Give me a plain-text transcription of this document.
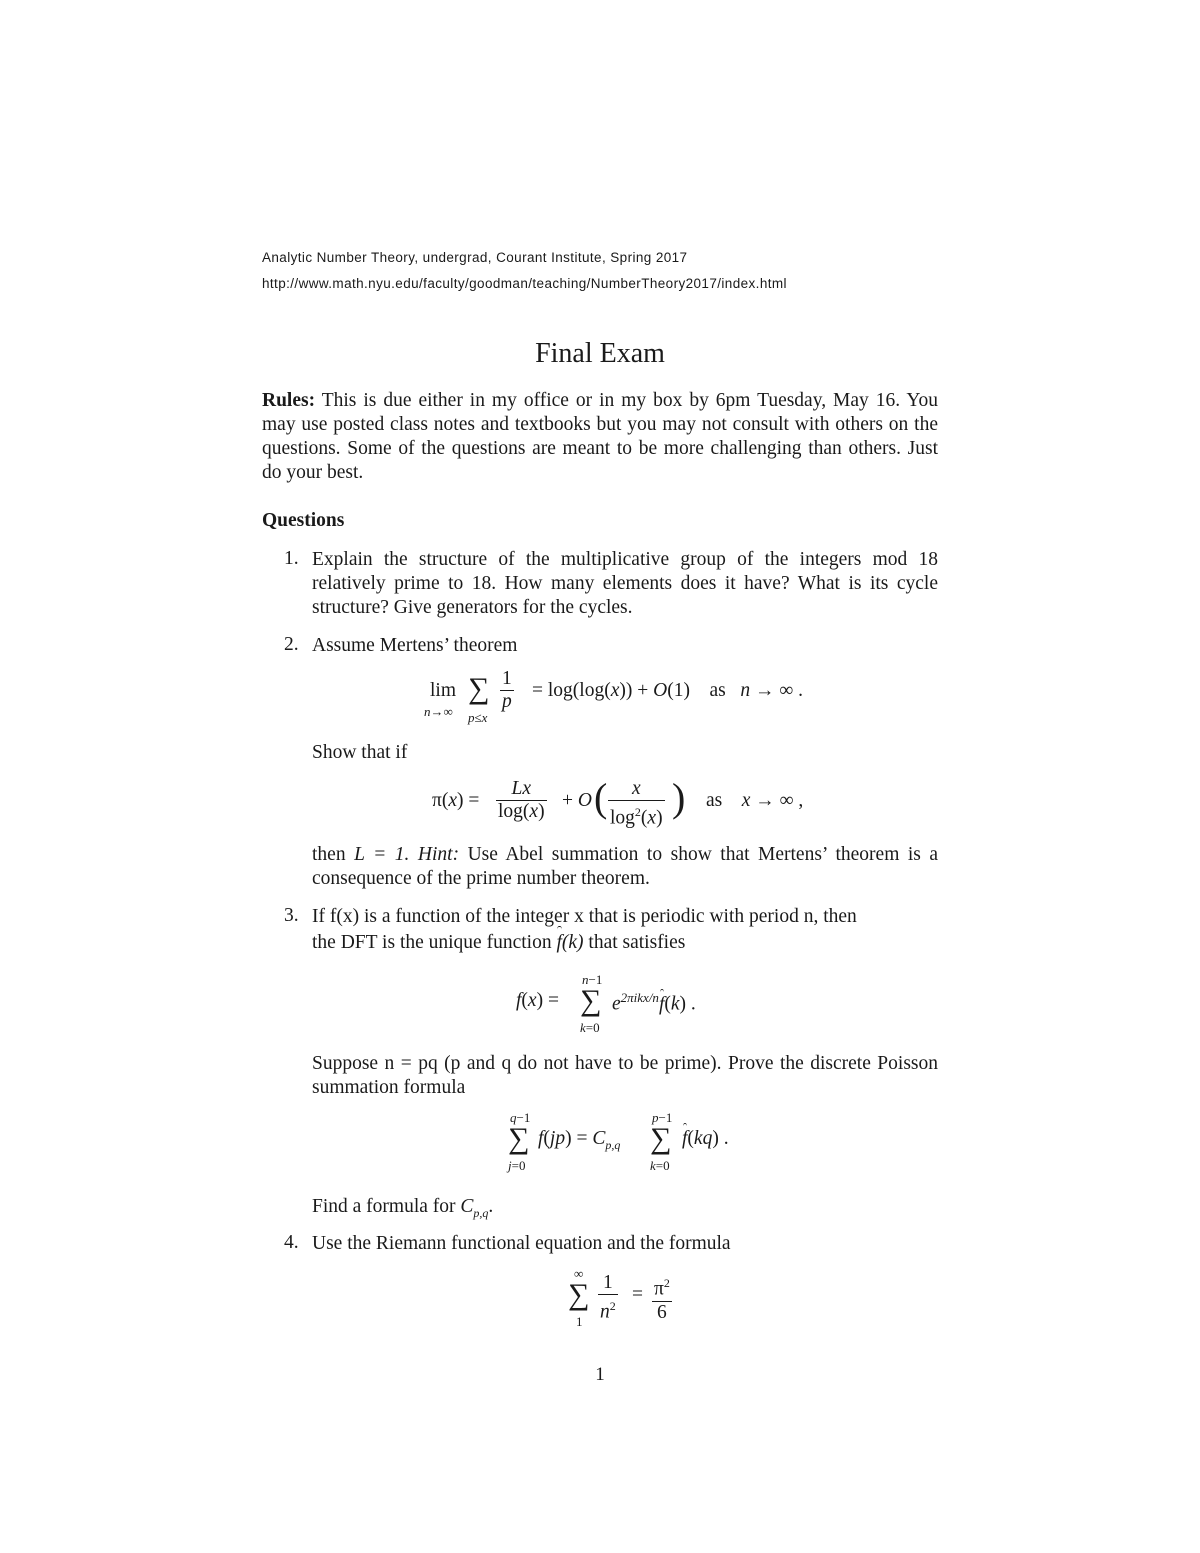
Analytic Number Theory, undergrad, Courant Institute, Spring 2017
http://www.math.nyu.edu/faculty/goodman/teaching/NumberTheory2017/index.html
Final Exam
Rules: This is due either in my office or in my box by 6pm Tuesday, May 16. You may use posted class notes and textbooks but you may not consult with others on the questions. Some of the questions are meant to be more challenging than others. Just do your best.
Questions
1. Explain the structure of the multiplicative group of the integers mod 18 relatively prime to 18. How many elements does it have? What is its cycle structure? Give generators for the cycles.
2. Assume Mertens’ theorem
lim
n→∞
∑
p≤x
$\frac{1}{p} = \log(\log(x)) + O(1)$    as   n → ∞ .
Show that if
$\pi(x) = \frac{Lx}{\log(x)} + O$ ( $\frac{x}{\log^2(x)}$ ) as    x → ∞ ,
then L = 1. Hint: Use Abel summation to show that Mertens’ theorem is a consequence of the prime number theorem.
3. If f(x) is a function of the integer x that is periodic with period n, then
the DFT is the unique function f(k) that satisfies
f(x) =
n−1
∑
k=0
$e^{2\pi ikx/n}f(k)$ .
Suppose n = pq (p and q do not have to be prime). Prove the discrete Poisson summation formula
q−1
∑
j=0
$f(jp) = C_{p,q}$
p−1
∑
k=0
f(kq) .
Find a formula for $C_{p,q}$.
4. Use the Riemann functional equation and the formula
∞
∑
$1 \frac{1}{n^2} = \frac{\pi^2}{6}$
1
